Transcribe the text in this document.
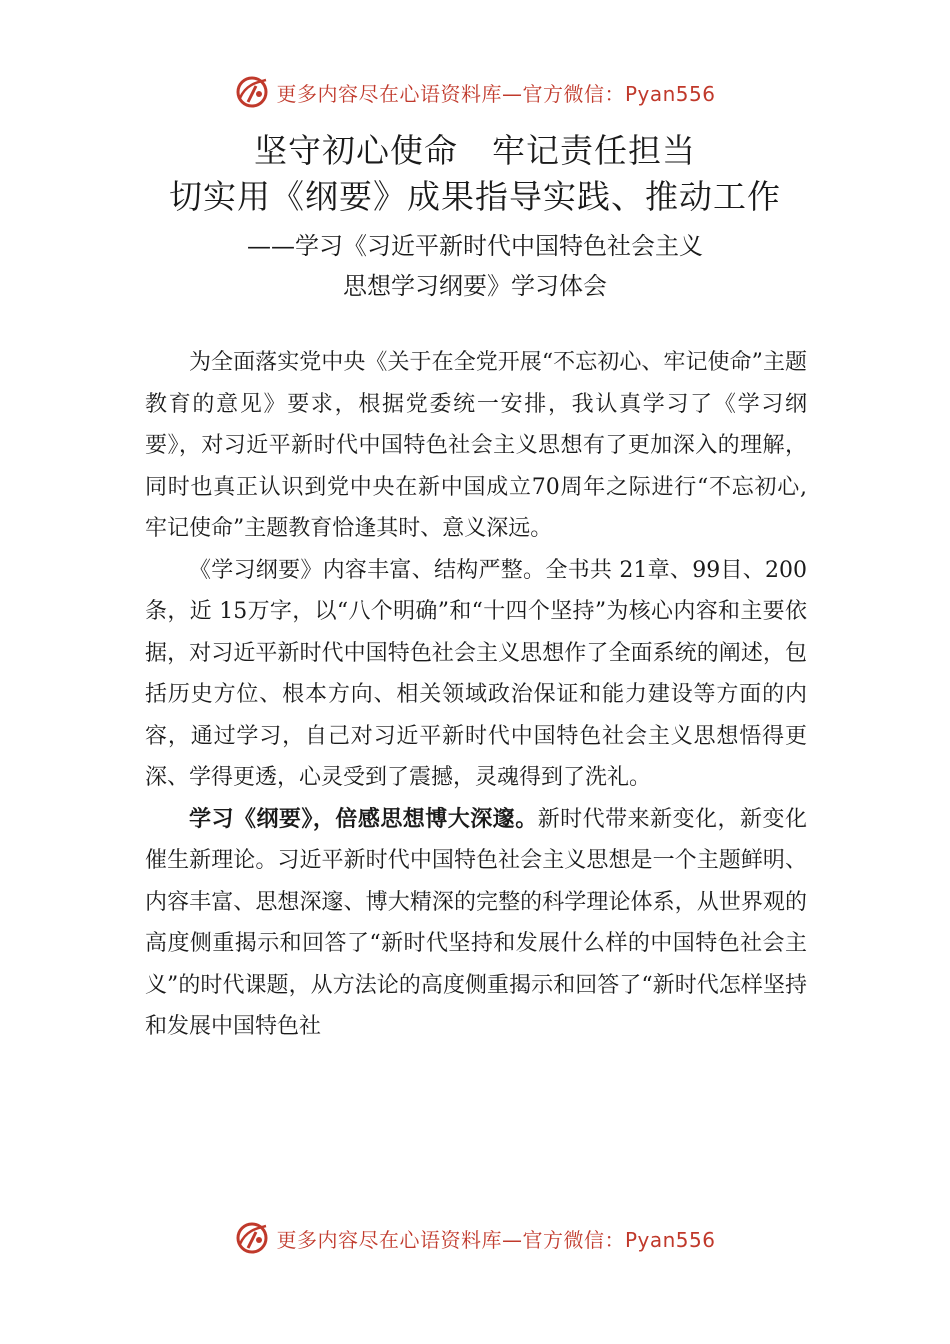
更多内容尽在心语资料库—官方微信：Pyan556
坚守初心使命　牢记责任担当
切实用《纲要》成果指导实践、推动工作
——学习《习近平新时代中国特色社会主义
思想学习纲要》学习体会

为全面落实党中央《关于在全党开展“不忘初心、牢记使命”主题教育的意见》要求，根据党委统一安排，我认真学习了《学习纲要》，对习近平新时代中国特色社会主义思想有了更加深入的理解，同时也真正认识到党中央在新中国成立70周年之际进行“不忘初心,牢记使命”主题教育恰逢其时、意义深远。

《学习纲要》内容丰富、结构严整。全书共 21章、99目、200条，近 15万字，以“八个明确”和“十四个坚持”为核心内容和主要依据，对习近平新时代中国特色社会主义思想作了全面系统的阐述，包括历史方位、根本方向、相关领域政治保证和能力建设等方面的内容，通过学习，自己对习近平新时代中国特色社会主义思想悟得更深、学得更透，心灵受到了震撼，灵魂得到了洗礼。

学习《纲要》，倍感思想博大深邃。新时代带来新变化，新变化催生新理论。习近平新时代中国特色社会主义思想是一个主题鲜明、内容丰富、思想深邃、博大精深的完整的科学理论体系，从世界观的高度侧重揭示和回答了“新时代坚持和发展什么样的中国特色社会主义”的时代课题，从方法论的高度侧重揭示和回答了“新时代怎样坚持和发展中国特色社

更多内容尽在心语资料库—官方微信：Pyan556
